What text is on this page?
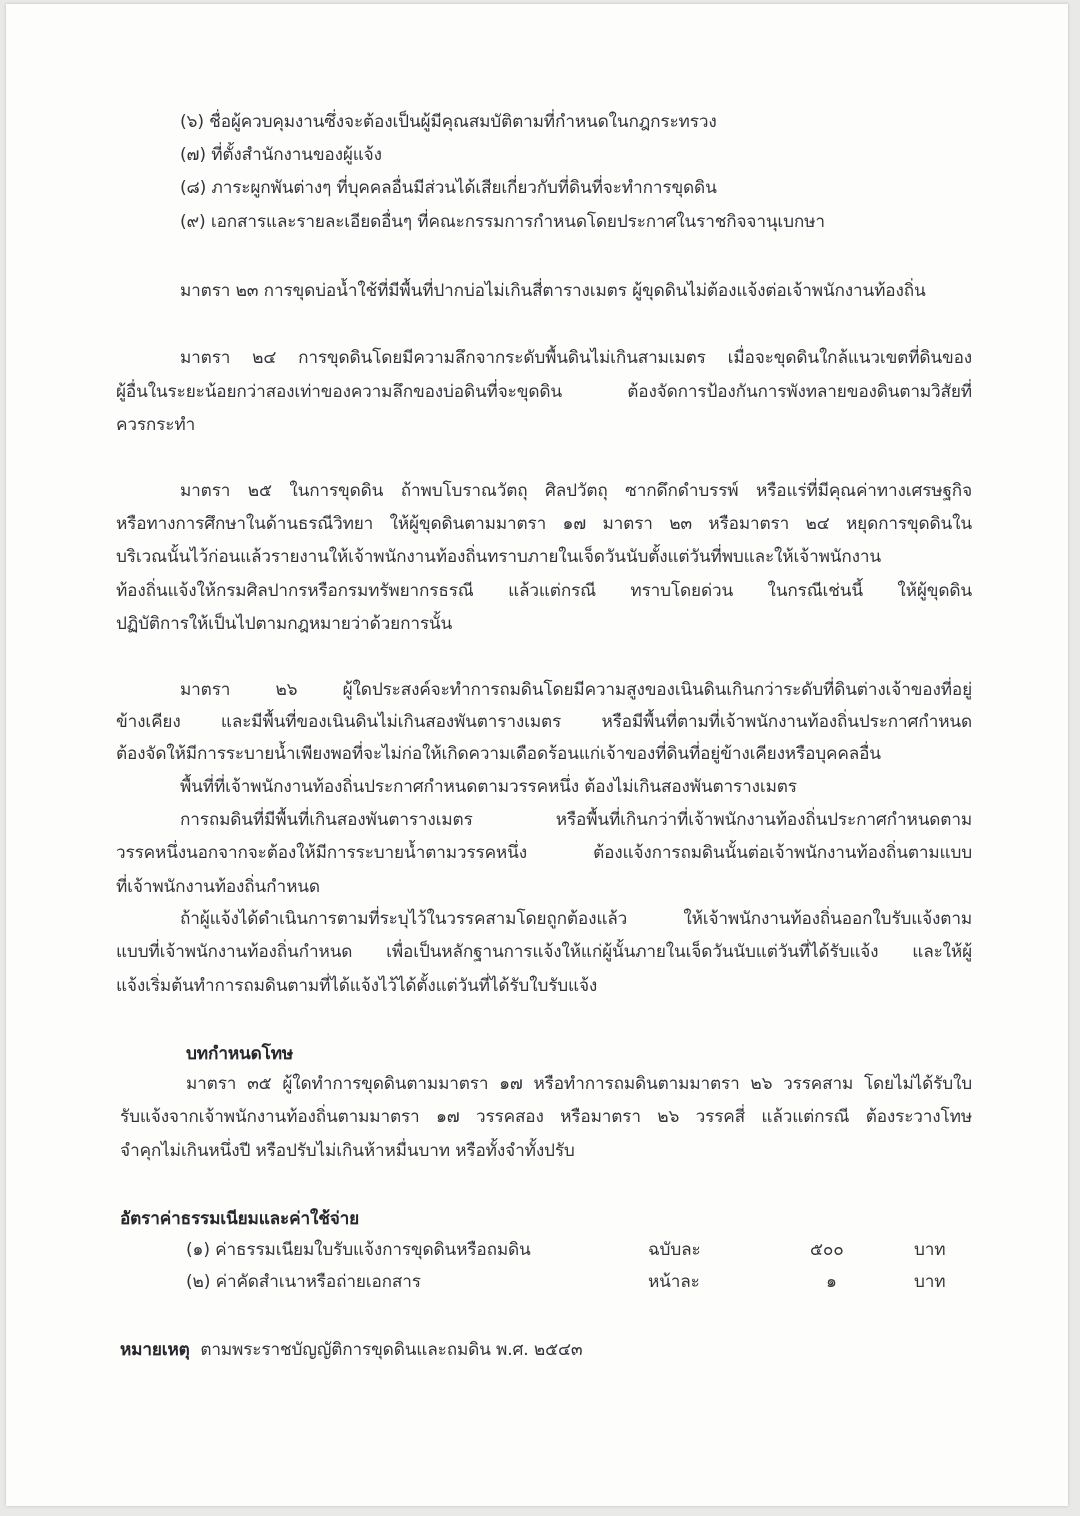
(๖) ชื่อผู้ควบคุมงานซึ่งจะต้องเป็นผู้มีคุณสมบัติตามที่กำหนดในกฎกระทรวง
(๗) ที่ตั้งสำนักงานของผู้แจ้ง
(๘) ภาระผูกพันต่างๆ ที่บุคคลอื่นมีส่วนได้เสียเกี่ยวกับที่ดินที่จะทำการขุดดิน
(๙) เอกสารและรายละเอียดอื่นๆ ที่คณะกรรมการกำหนดโดยประกาศในราชกิจจานุเบกษา
มาตรา ๒๓ การขุดบ่อน้ำใช้ที่มีพื้นที่ปากบ่อไม่เกินสี่ตารางเมตร ผู้ขุดดินไม่ต้องแจ้งต่อเจ้าพนักงานท้องถิ่น
มาตรา ๒๔ การขุดดินโดยมีความลึกจากระดับพื้นดินไม่เกินสามเมตร เมื่อจะขุดดินใกล้แนวเขตที่ดินของ
ผู้อื่นในระยะน้อยกว่าสองเท่าของความลึกของบ่อดินที่จะขุดดิน ต้องจัดการป้องกันการพังทลายของดินตามวิสัยที่
ควรกระทำ
มาตรา ๒๕ ในการขุดดิน ถ้าพบโบราณวัตถุ ศิลปวัตถุ ซากดึกดำบรรพ์ หรือแร่ที่มีคุณค่าทางเศรษฐกิจ
หรือทางการศึกษาในด้านธรณีวิทยา ให้ผู้ขุดดินตามมาตรา ๑๗ มาตรา ๒๓ หรือมาตรา ๒๔ หยุดการขุดดินใน
บริเวณนั้นไว้ก่อนแล้วรายงานให้เจ้าพนักงานท้องถิ่นทราบภายในเจ็ดวันนับตั้งแต่วันที่พบและให้เจ้าพนักงาน
ท้องถิ่นแจ้งให้กรมศิลปากรหรือกรมทรัพยากรธรณี แล้วแต่กรณี ทราบโดยด่วน ในกรณีเช่นนี้ ให้ผู้ขุดดิน
ปฏิบัติการให้เป็นไปตามกฎหมายว่าด้วยการนั้น
มาตรา ๒๖ ผู้ใดประสงค์จะทำการถมดินโดยมีความสูงของเนินดินเกินกว่าระดับที่ดินต่างเจ้าของที่อยู่
ข้างเคียง และมีพื้นที่ของเนินดินไม่เกินสองพันตารางเมตร หรือมีพื้นที่ตามที่เจ้าพนักงานท้องถิ่นประกาศกำหนด
ต้องจัดให้มีการระบายน้ำเพียงพอที่จะไม่ก่อให้เกิดความเดือดร้อนแก่เจ้าของที่ดินที่อยู่ข้างเคียงหรือบุคคลอื่น
พื้นที่ที่เจ้าพนักงานท้องถิ่นประกาศกำหนดตามวรรคหนึ่ง ต้องไม่เกินสองพันตารางเมตร
การถมดินที่มีพื้นที่เกินสองพันตารางเมตร หรือพื้นที่เกินกว่าที่เจ้าพนักงานท้องถิ่นประกาศกำหนดตาม
วรรคหนึ่งนอกจากจะต้องให้มีการระบายน้ำตามวรรคหนึ่ง ต้องแจ้งการถมดินนั้นต่อเจ้าพนักงานท้องถิ่นตามแบบ
ที่เจ้าพนักงานท้องถิ่นกำหนด
ถ้าผู้แจ้งได้ดำเนินการตามที่ระบุไว้ในวรรคสามโดยถูกต้องแล้ว ให้เจ้าพนักงานท้องถิ่นออกใบรับแจ้งตาม
แบบที่เจ้าพนักงานท้องถิ่นกำหนด เพื่อเป็นหลักฐานการแจ้งให้แก่ผู้นั้นภายในเจ็ดวันนับแต่วันที่ได้รับแจ้ง และให้ผู้
แจ้งเริ่มต้นทำการถมดินตามที่ได้แจ้งไว้ได้ตั้งแต่วันที่ได้รับใบรับแจ้ง
บทกำหนดโทษ
มาตรา ๓๕ ผู้ใดทำการขุดดินตามมาตรา ๑๗ หรือทำการถมดินตามมาตรา ๒๖ วรรคสาม โดยไม่ได้รับใบ
รับแจ้งจากเจ้าพนักงานท้องถิ่นตามมาตรา ๑๗ วรรคสอง หรือมาตรา ๒๖ วรรคสี่ แล้วแต่กรณี ต้องระวางโทษ
จำคุกไม่เกินหนึ่งปี หรือปรับไม่เกินห้าหมื่นบาท หรือทั้งจำทั้งปรับ
อัตราค่าธรรมเนียมและค่าใช้จ่าย
(๑) ค่าธรรมเนียมใบรับแจ้งการขุดดินหรือถมดิน	ฉบับละ	๕๐๐	บาท
(๒) ค่าคัดสำเนาหรือถ่ายเอกสาร	หน้าละ	๑	บาท
หมายเหตุ ตามพระราชบัญญัติการขุดดินและถมดิน พ.ศ. ๒๕๔๓
